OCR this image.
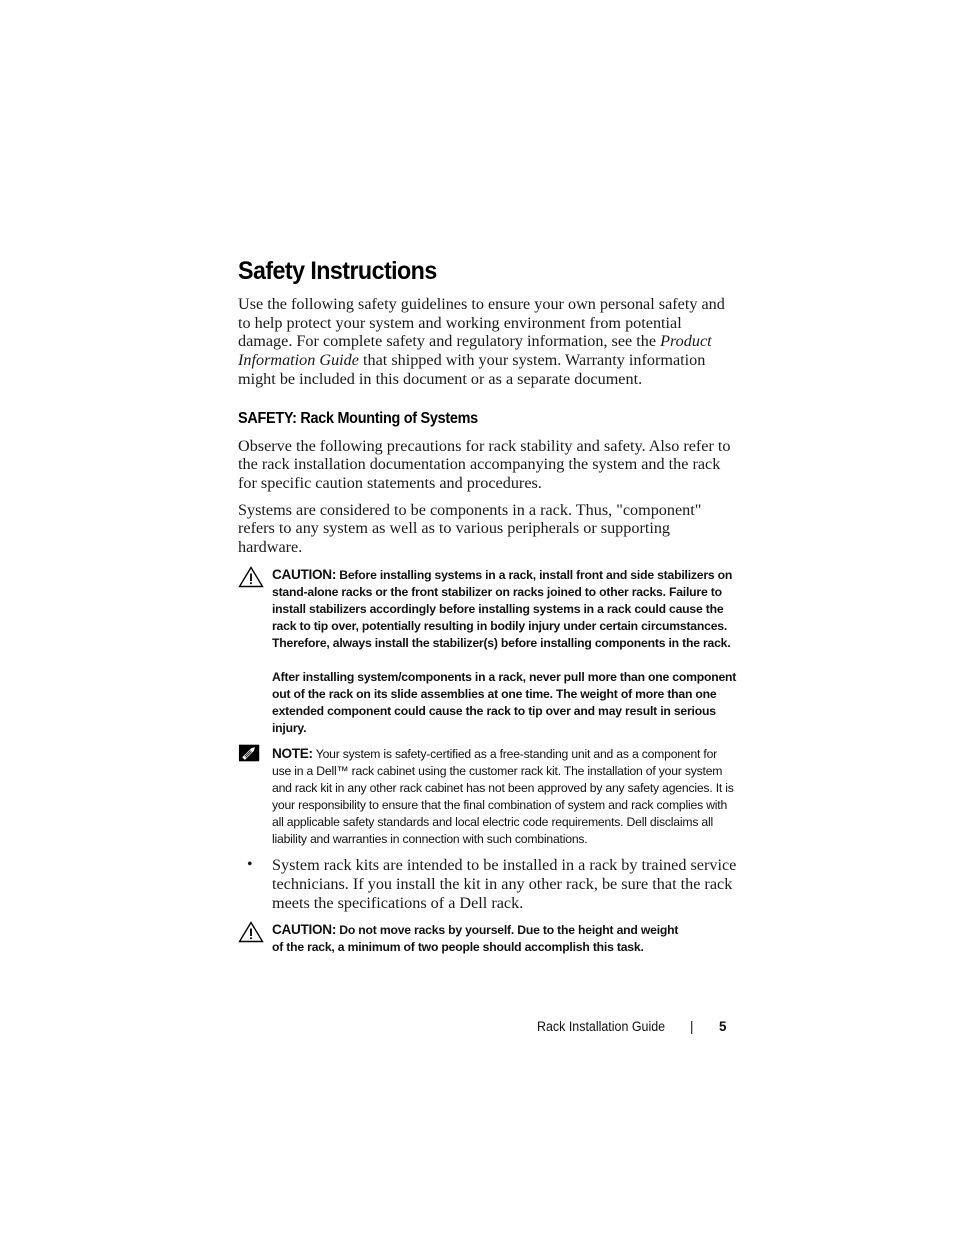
Safety Instructions

Use the following safety guidelines to ensure your own personal safety and to help protect your system and working environment from potential damage. For complete safety and regulatory information, see the Product Information Guide that shipped with your system. Warranty information might be included in this document or as a separate document.

SAFETY: Rack Mounting of Systems

Observe the following precautions for rack stability and safety. Also refer to the rack installation documentation accompanying the system and the rack for specific caution statements and procedures.

Systems are considered to be components in a rack. Thus, "component" refers to any system as well as to various peripherals or supporting hardware.

CAUTION: Before installing systems in a rack, install front and side stabilizers on stand-alone racks or the front stabilizer on racks joined to other racks. Failure to install stabilizers accordingly before installing systems in a rack could cause the rack to tip over, potentially resulting in bodily injury under certain circumstances. Therefore, always install the stabilizer(s) before installing components in the rack.
After installing system/components in a rack, never pull more than one component out of the rack on its slide assemblies at one time. The weight of more than one extended component could cause the rack to tip over and may result in serious injury.
NOTE: Your system is safety-certified as a free-standing unit and as a component for use in a Dell™ rack cabinet using the customer rack kit. The installation of your system and rack kit in any other rack cabinet has not been approved by any safety agencies. It is your responsibility to ensure that the final combination of system and rack complies with all applicable safety standards and local electric code requirements. Dell disclaims all liability and warranties in connection with such combinations.
• System rack kits are intended to be installed in a rack by trained service technicians. If you install the kit in any other rack, be sure that the rack meets the specifications of a Dell rack.
CAUTION: Do not move racks by yourself. Due to the height and weight of the rack, a minimum of two people should accomplish this task.
Rack Installation Guide | 5
